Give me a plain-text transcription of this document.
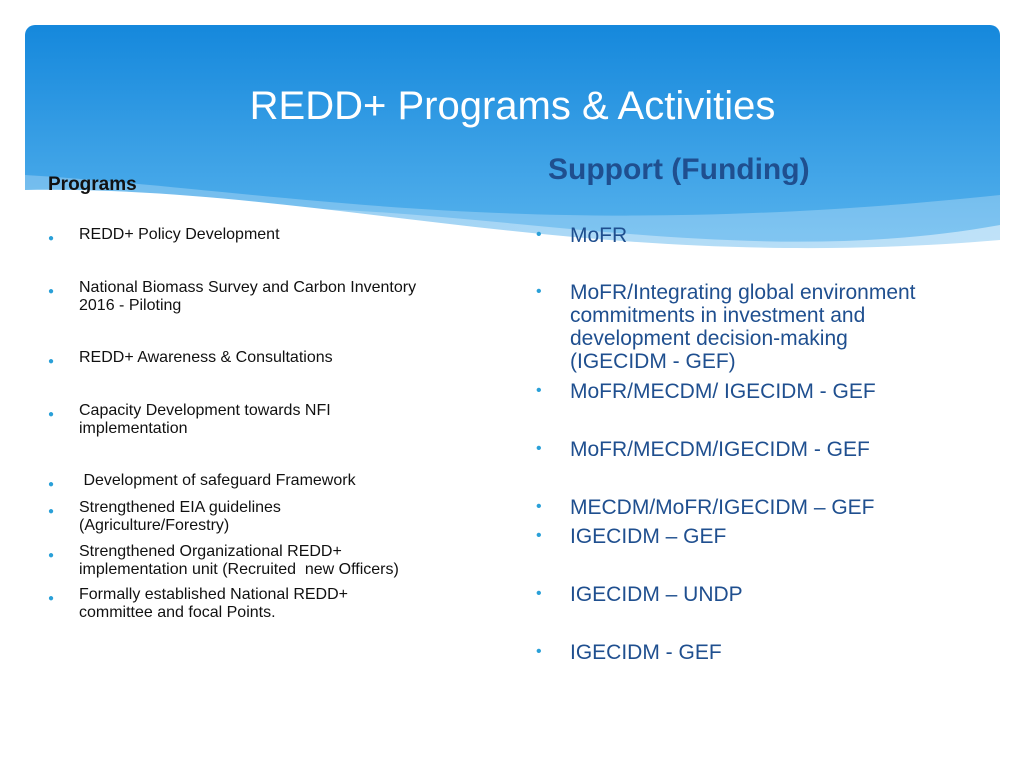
REDD+ Programs & Activities
Programs	Support (Funding)
● REDD+ Policy Development
● National Biomass Survey and Carbon Inventory
2016 - Piloting
● REDD+ Awareness & Consultations
● Capacity Development towards NFI
implementation
● Development of safeguard Framework
● Strengthened EIA guidelines
(Agriculture/Forestry)
● Strengthened Organizational REDD+
implementation unit (Recruited  new Officers)
● Formally established National REDD+
committee and focal Points.
• MoFR
• MoFR/Integrating global environment
commitments in investment and
development decision-making
(IGECIDM - GEF)
• MoFR/MECDM/ IGECIDM - GEF
• MoFR/MECDM/IGECIDM - GEF
• MECDM/MoFR/IGECIDM – GEF
• IGECIDM – GEF
• IGECIDM – UNDP
• IGECIDM - GEF
